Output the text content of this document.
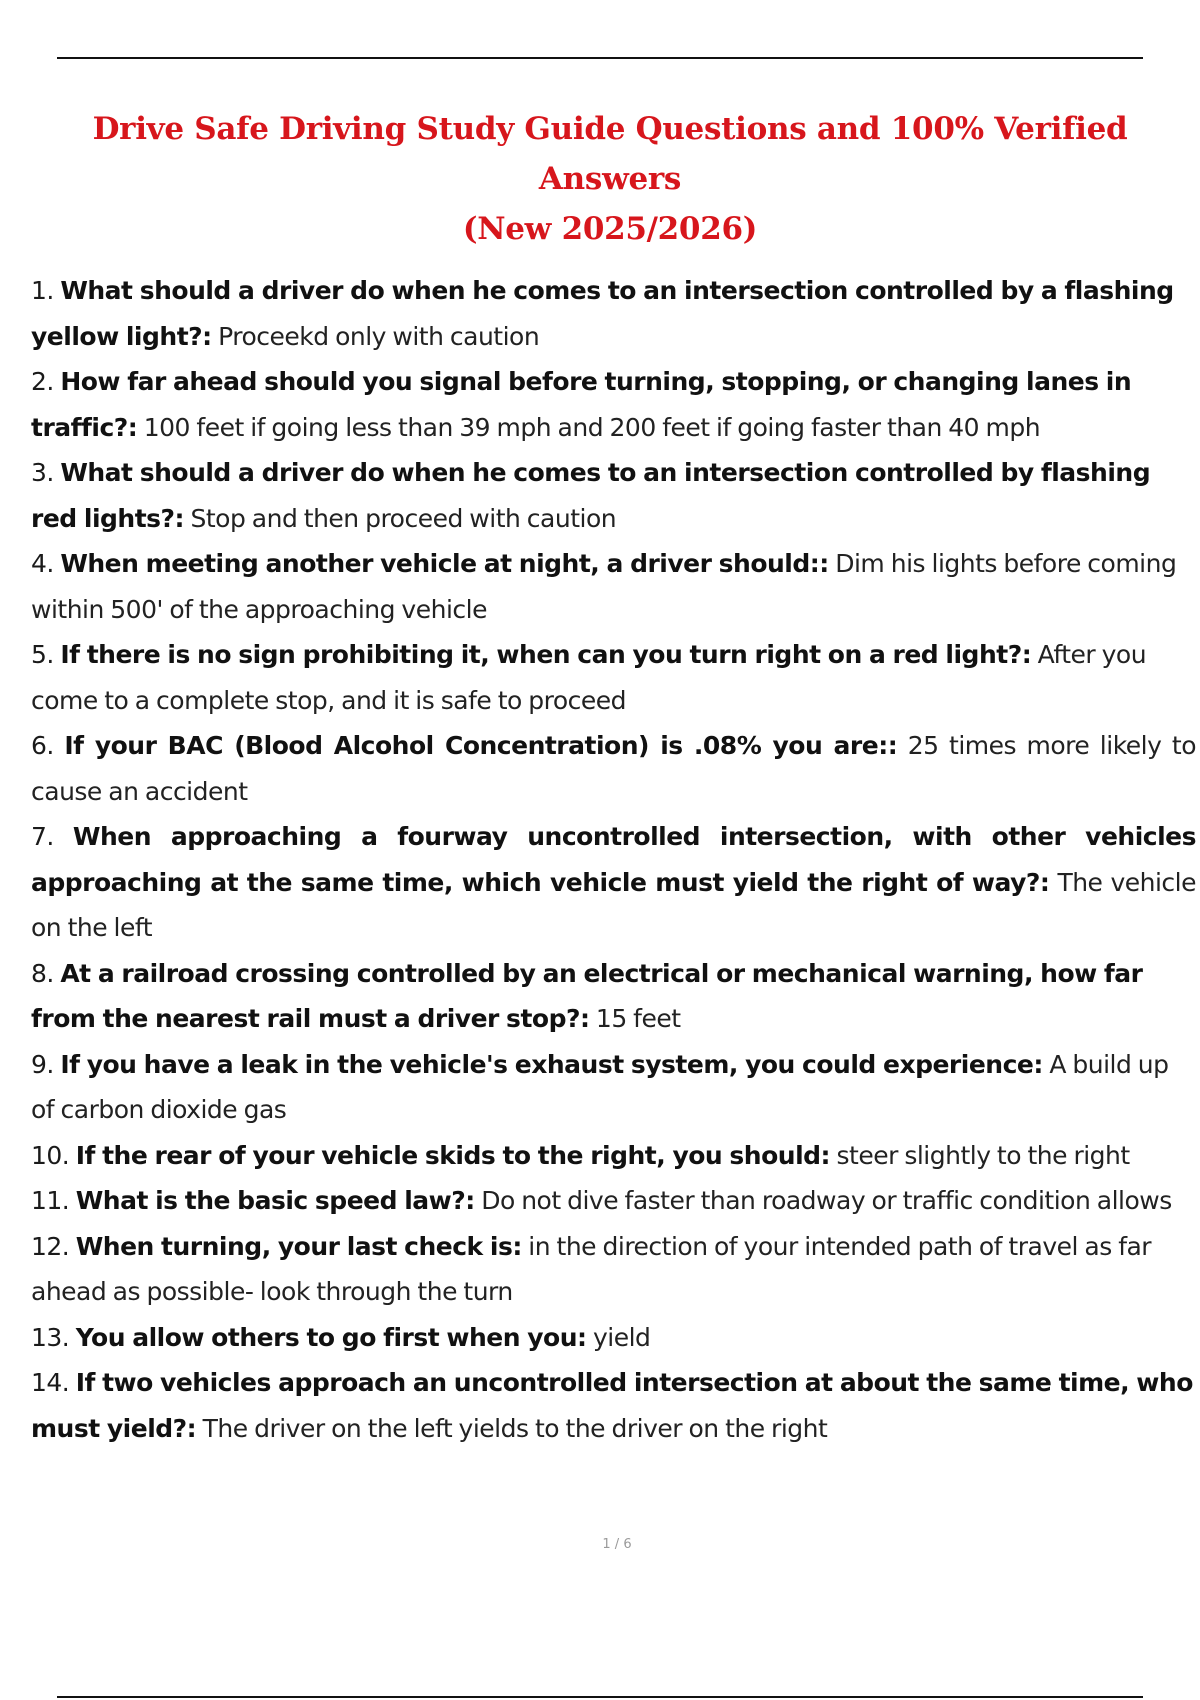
Drive Safe Driving Study Guide Questions and 100% Verified Answers
(New 2025/2026)
1. What should a driver do when he comes to an intersection controlled by a flashing yellow light?: Proceekd only with caution
2. How far ahead should you signal before turning, stopping, or changing lanes in traffic?: 100 feet if going less than 39 mph and 200 feet if going faster than 40 mph
3. What should a driver do when he comes to an intersection controlled by flashing red lights?: Stop and then proceed with caution
4. When meeting another vehicle at night, a driver should:: Dim his lights before coming within 500' of the approaching vehicle
5. If there is no sign prohibiting it, when can you turn right on a red light?: After you come to a complete stop, and it is safe to proceed
6. If your BAC (Blood Alcohol Concentration) is .08% you are:: 25 times more likely to cause an accident
7. When approaching a fourway uncontrolled intersection, with other vehicles approaching at the same time, which vehicle must yield the right of way?: The vehicle on the left
8. At a railroad crossing controlled by an electrical or mechanical warning, how far from the nearest rail must a driver stop?: 15 feet
9. If you have a leak in the vehicle's exhaust system, you could experience: A build up of carbon dioxide gas
10. If the rear of your vehicle skids to the right, you should: steer slightly to the right
11. What is the basic speed law?: Do not dive faster than roadway or traffic condition allows
12. When turning, your last check is: in the direction of your intended path of travel as far ahead as possible- look through the turn
13. You allow others to go first when you: yield
14. If two vehicles approach an uncontrolled intersection at about the same time, who must yield?: The driver on the left yields to the driver on the right
1 / 6
